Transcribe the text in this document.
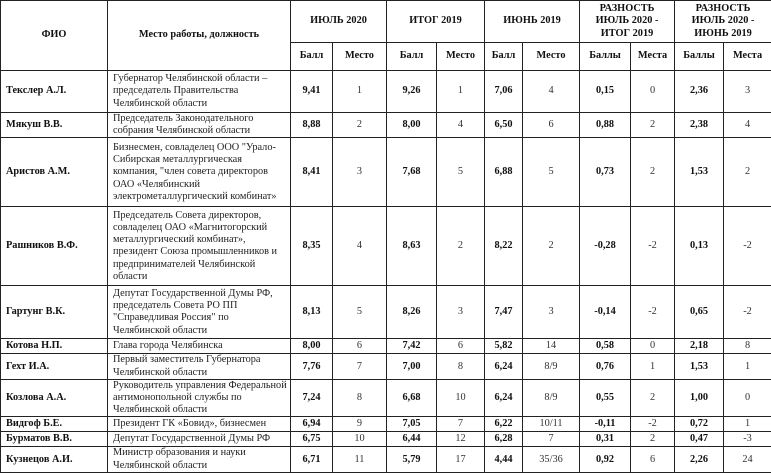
ФИО	Место работы, должность	ИЮЛЬ 2020		ИТОГ 2019		ИЮНЬ 2019		РАЗНОСТЬ ИЮЛЬ 2020 - ИТОГ 2019		РАЗНОСТЬ ИЮЛЬ 2020 - ИЮНЬ 2019	
		Балл	Место	Балл	Место	Балл	Место	Баллы	Места	Баллы	Места
Текслер А.Л.	Губернатор Челябинской области – председатель Правительства Челябинской области	9,41	1	9,26	1	7,06	4	0,15	0	2,36	3
Мякуш В.В.	Председатель Законодательного собрания Челябинской области	8,88	2	8,00	4	6,50	6	0,88	2	2,38	4
Аристов А.М.	Бизнесмен, совладелец ООО "Урало-Сибирская металлургическая компания, "член совета директоров ОАО «Челябинский электрометаллургический комбинат»	8,41	3	7,68	5	6,88	5	0,73	2	1,53	2
Рашников В.Ф.	Председатель Совета директоров, совладелец ОАО «Магнитогорский металлургический комбинат», президент Союза промышленников и предпринимателей Челябинской области	8,35	4	8,63	2	8,22	2	-0,28	-2	0,13	-2
Гартунг В.К.	Депутат Государственной Думы РФ, председатель Совета РО ПП "Справедливая Россия" по Челябинской области	8,13	5	8,26	3	7,47	3	-0,14	-2	0,65	-2
Котова Н.П.	Глава города Челябинска	8,00	6	7,42	6	5,82	14	0,58	0	2,18	8
Гехт И.А.	Первый заместитель Губернатора Челябинской области	7,76	7	7,00	8	6,24	8/9	0,76	1	1,53	1
Козлова А.А.	Руководитель управления Федеральной антимонопольной службы по Челябинской области	7,24	8	6,68	10	6,24	8/9	0,55	2	1,00	0
Видгоф Б.Е.	Президент ГК «Бовид», бизнесмен	6,94	9	7,05	7	6,22	10/11	-0,11	-2	0,72	1
Бурматов В.В.	Депутат Государственной Думы РФ	6,75	10	6,44	12	6,28	7	0,31	2	0,47	-3
Кузнецов А.И.	Министр образования и науки Челябинской области	6,71	11	5,79	17	4,44	35/36	0,92	6	2,26	24
